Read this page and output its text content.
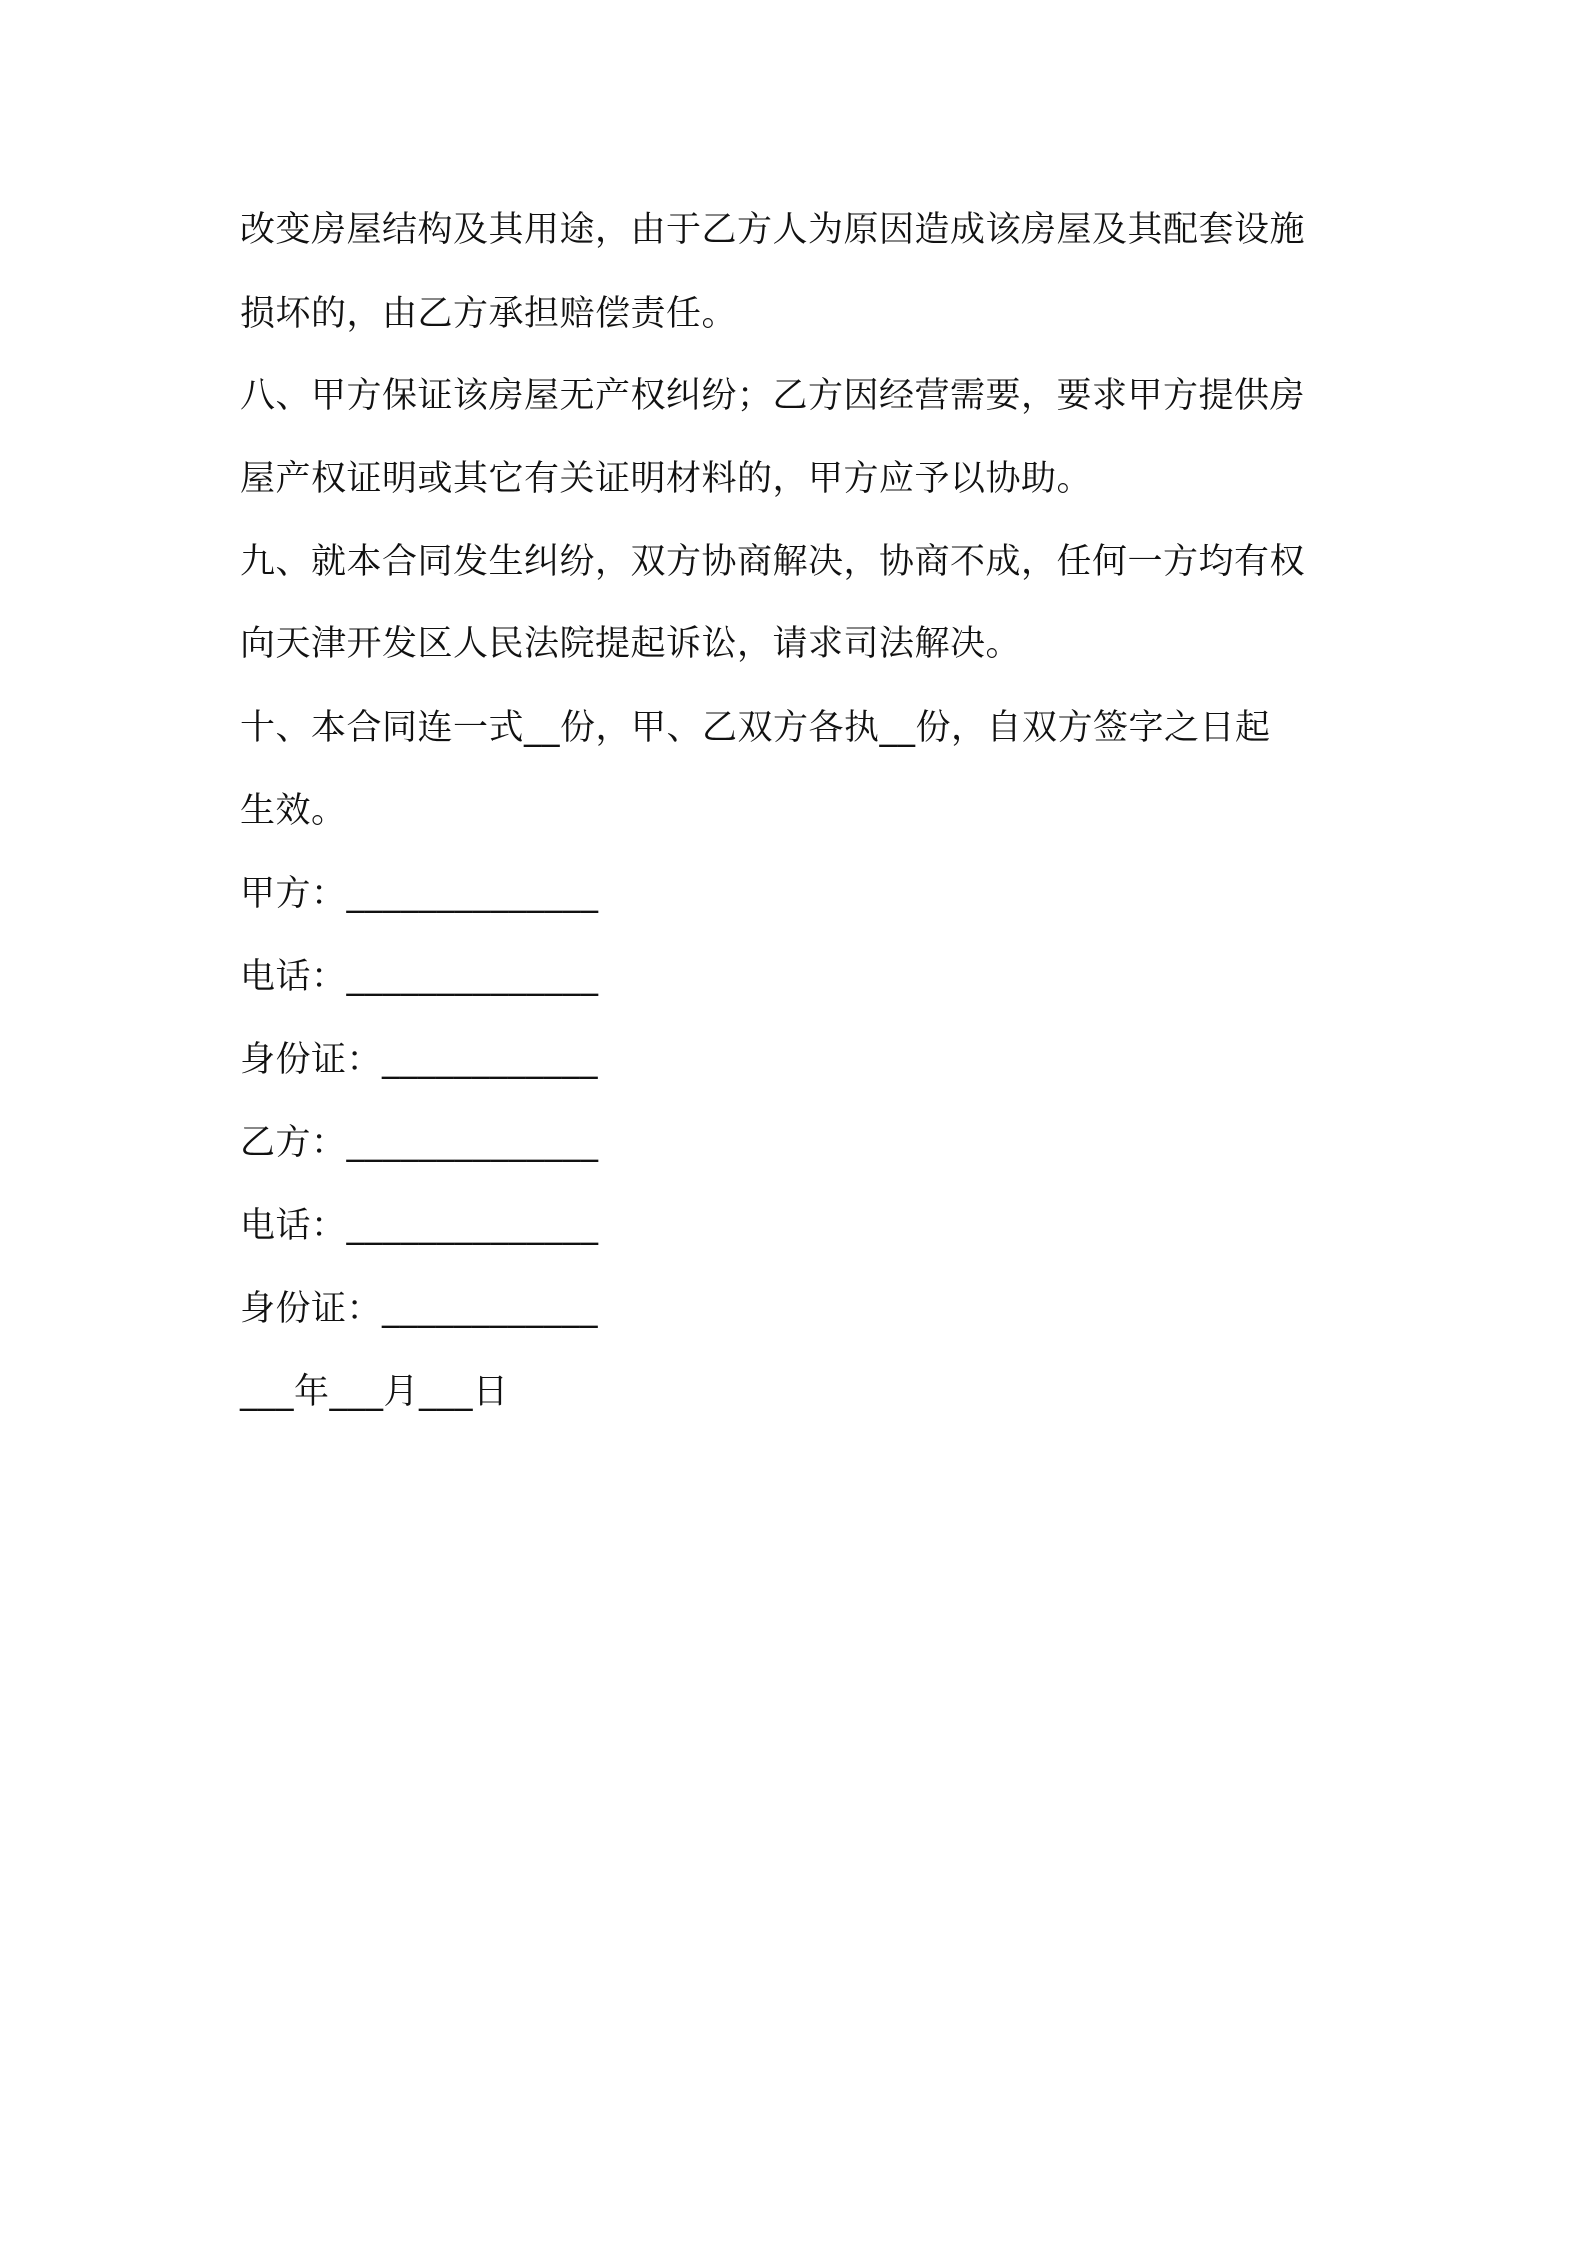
改变房屋结构及其用途，由于乙方人为原因造成该房屋及其配套设施
损坏的，由乙方承担赔偿责任。
八、甲方保证该房屋无产权纠纷；乙方因经营需要，要求甲方提供房
屋产权证明或其它有关证明材料的，甲方应予以协助。
九、就本合同发生纠纷，双方协商解决，协商不成，任何一方均有权
向天津开发区人民法院提起诉讼，请求司法解决。
十、本合同连一式__份，甲、乙双方各执__份，自双方签字之日起
生效。
甲方：______________
电话：______________
身份证：____________
乙方：______________
电话：______________
身份证：____________
___年___月___日
